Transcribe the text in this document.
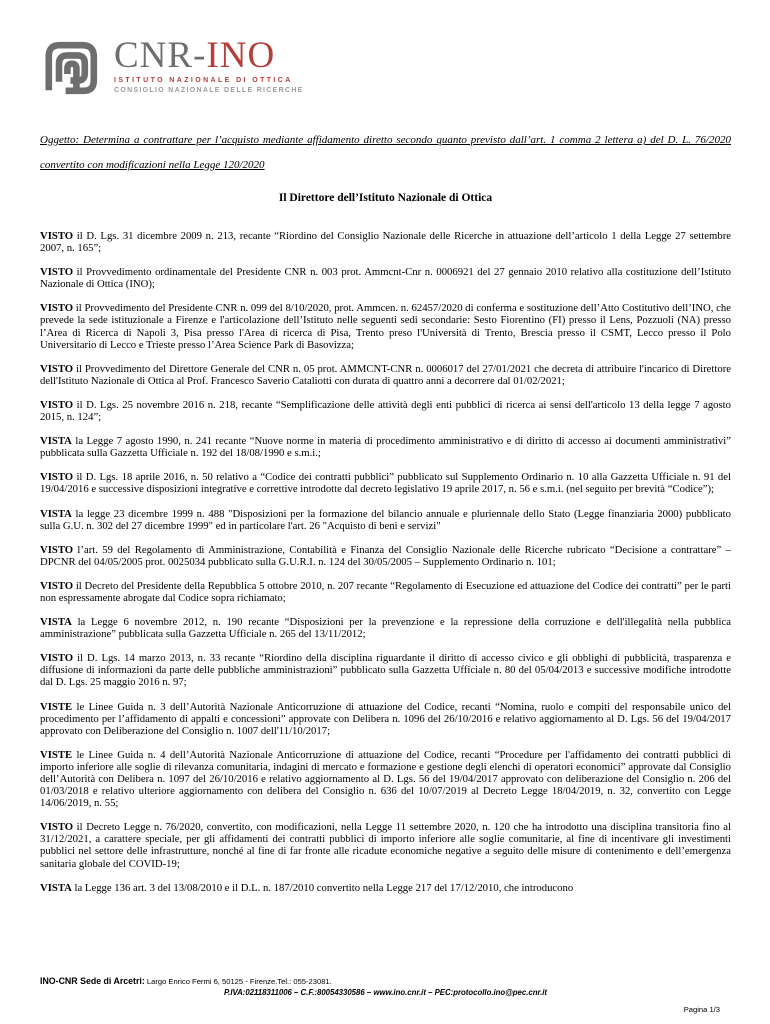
CNR-INO
ISTITUTO NAZIONALE DI OTTICA
CONSIGLIO NAZIONALE DELLE RICERCHE

Oggetto: Determina a contrattare per l’acquisto mediante affidamento diretto secondo quanto previsto dall’art. 1 comma 2 lettera a) del D. L. 76/2020 convertito con modificazioni nella Legge 120/2020

Il Direttore dell’Istituto Nazionale di Ottica

VISTO il D. Lgs. 31 dicembre 2009 n. 213, recante “Riordino del Consiglio Nazionale delle Ricerche in attuazione dell’articolo 1 della Legge 27 settembre 2007, n. 165”;

VISTO il Provvedimento ordinamentale del Presidente CNR n. 003 prot. Ammcnt-Cnr n. 0006921 del 27 gennaio 2010 relativo alla costituzione dell’Istituto Nazionale di Ottica (INO);

VISTO il Provvedimento del Presidente CNR n. 099 del 8/10/2020, prot. Ammcen. n. 62457/2020 di conferma e sostituzione dell’Atto Costitutivo dell’INO, che prevede la sede istituzionale a Firenze e l'articolazione dell’Istituto nelle seguenti sedi secondarie: Sesto Fiorentino (FI) presso il Lens, Pozzuoli (NA) presso l’Area di Ricerca di Napoli 3, Pisa presso l'Area di ricerca di Pisa, Trento preso l'Università di Trento, Brescia presso il CSMT, Lecco presso il Polo Universitario di Lecco e Trieste presso l’Area Science Park di Basovizza;

VISTO il Provvedimento del Direttore Generale del CNR n. 05 prot. AMMCNT-CNR n. 0006017 del 27/01/2021 che decreta di attribuire l'incarico di Direttore dell'Istituto Nazionale di Ottica al Prof. Francesco Saverio Cataliotti con durata di quattro anni a decorrere dal 01/02/2021;

VISTO il D. Lgs. 25 novembre 2016 n. 218, recante “Semplificazione delle attività degli enti pubblici di ricerca ai sensi dell'articolo 13 della legge 7 agosto 2015, n. 124”;

VISTA la Legge 7 agosto 1990, n. 241 recante “Nuove norme in materia di procedimento amministrativo e di diritto di accesso ai documenti amministrativi” pubblicata sulla Gazzetta Ufficiale n. 192 del 18/08/1990 e s.m.i.;

VISTO il D. Lgs. 18 aprile 2016, n. 50 relativo a “Codice dei contratti pubblici” pubblicato sul Supplemento Ordinario n. 10 alla Gazzetta Ufficiale n. 91 del 19/04/2016 e successive disposizioni integrative e correttive introdotte dal decreto legislativo 19 aprile 2017, n. 56 e s.m.i. (nel seguito per brevità “Codice”);

VISTA la legge 23 dicembre 1999 n. 488 "Disposizioni per la formazione del bilancio annuale e pluriennale dello Stato (Legge finanziaria 2000) pubblicato sulla G.U. n. 302 del 27 dicembre 1999" ed in particolare l'art. 26 "Acquisto di beni e servizi"

VISTO l’art. 59 del Regolamento di Amministrazione, Contabilità e Finanza del Consiglio Nazionale delle Ricerche rubricato “Decisione a contrattare” – DPCNR del 04/05/2005 prot. 0025034 pubblicato sulla G.U.R.I. n. 124 del 30/05/2005 – Supplemento Ordinario n. 101;

VISTO il Decreto del Presidente della Repubblica 5 ottobre 2010, n. 207 recante “Regolamento di Esecuzione ed attuazione del Codice dei contratti” per le parti non espressamente abrogate dal Codice sopra richiamato;

VISTA la Legge 6 novembre 2012, n. 190 recante “Disposizioni per la prevenzione e la repressione della corruzione e dell'illegalità nella pubblica amministrazione” pubblicata sulla Gazzetta Ufficiale n. 265 del 13/11/2012;

VISTO il D. Lgs. 14 marzo 2013, n. 33 recante “Riordino della disciplina riguardante il diritto di accesso civico e gli obblighi di pubblicità, trasparenza e diffusione di informazioni da parte delle pubbliche amministrazioni” pubblicato sulla Gazzetta Ufficiale n. 80 del 05/04/2013 e successive modifiche introdotte dal D. Lgs. 25 maggio 2016 n. 97;

VISTE le Linee Guida n. 3 dell’Autorità Nazionale Anticorruzione di attuazione del Codice, recanti “Nomina, ruolo e compiti del responsabile unico del procedimento per l’affidamento di appalti e concessioni” approvate con Delibera n. 1096 del 26/10/2016 e relativo aggiornamento al D. Lgs. 56 del 19/04/2017 approvato con Deliberazione del Consiglio n. 1007 dell'11/10/2017;

VISTE le Linee Guida n. 4 dell’Autorità Nazionale Anticorruzione di attuazione del Codice, recanti “Procedure per l'affidamento dei contratti pubblici di importo inferiore alle soglie di rilevanza comunitaria, indagini di mercato e formazione e gestione degli elenchi di operatori economici” approvate dal Consiglio dell’Autorità con Delibera n. 1097 del 26/10/2016 e relativo aggiornamento al D. Lgs. 56 del 19/04/2017 approvato con deliberazione del Consiglio n. 206 del 01/03/2018 e relativo ulteriore aggiornamento con delibera del Consiglio n. 636 del 10/07/2019 al Decreto Legge 18/04/2019, n. 32, convertito con Legge 14/06/2019, n. 55;

VISTO il Decreto Legge n. 76/2020, convertito, con modificazioni, nella Legge 11 settembre 2020, n. 120 che ha introdotto una disciplina transitoria fino al 31/12/2021, a carattere speciale, per gli affidamenti dei contratti pubblici di importo inferiore alle soglie comunitarie, al fine di incentivare gli investimenti pubblici nel settore delle infrastrutture, nonché al fine di far fronte alle ricadute economiche negative a seguito delle misure di contenimento e dell’emergenza sanitaria globale del COVID-19;

VISTA la Legge 136 art. 3 del 13/08/2010 e il D.L. n. 187/2010 convertito nella Legge 217 del 17/12/2010, che introducono

INO-CNR Sede di Arcetri: Largo Enrico Fermi 6, 50125 - Firenze.Tel.: 055-23081.
P.IVA:02118311006 – C.F.:80054330586 – www.ino.cnr.it – PEC:protocollo.ino@pec.cnr.it
Pagina 1/3
